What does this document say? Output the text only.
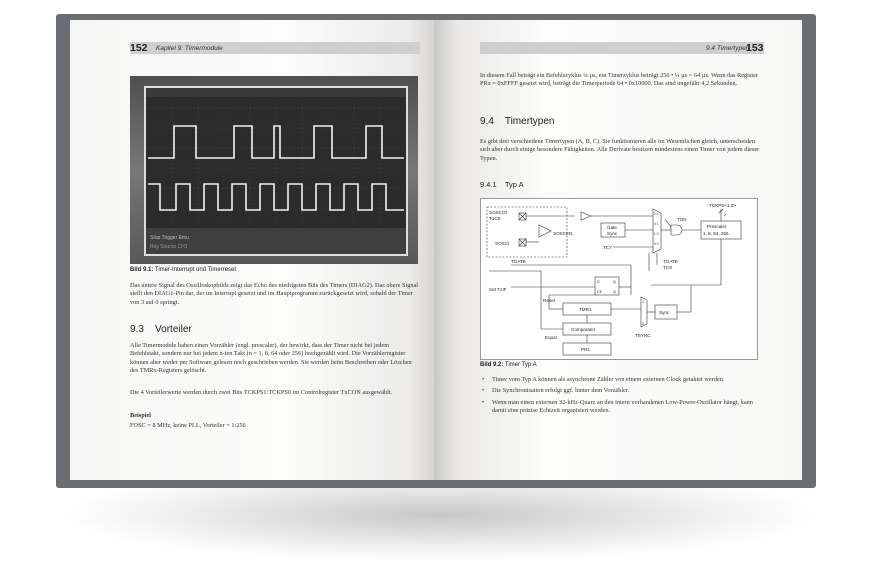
152 Kapitel 9: Timermodule
Stop Trigger Emu
Rdy Source CH1
Bild 9.1: Timer-Interrupt und Timerreset

Das untere Signal des Oszilloskopbilds zeigt das Echo des niedrigsten Bits des Timers (DIAG2). Das obere Signal stellt den DIAG1-Pin dar, der im Interrupt gesetzt und im Hauptprogramm zurückgesetzt wird, sobald der Timer von 3 auf 0 springt.

9.3 Vorteiler

Alle Timermodule haben einen Vorzähler (engl. prescaler), der bewirkt, dass der Timer nicht bei jedem Befehlstakt, sondern nur bei jedem n-ten Takt (n = 1, 8, 64 oder 256) hochgezählt wird. Die Vorzählerregister können aber weder per Software gelesen noch geschrieben werden. Sie werden beim Beschreiben oder Löschen des TMRx-Registers gelöscht.

Die 4 Vorteilerwerte werden durch zwei Bits TCKPS1:TCKPS0 im Controlregister TxCON ausgewählt.

Beispiel

FOSC = 8 MHz, keine PLL, Vorteiler = 1:256

9.4 Timertypen
153

In diesem Fall beträgt ein Befehlszyklus ¼ µs, ein Timerzyklus beträgt 256 • ¼ µs = 64 µs. Wenn das Register PRx = 0xFFFF gesetzt wird, beträgt die Timerperiode 64 • 0x10000. Das sind ungefähr 4,2 Sekunden.

9.4 Timertypen

Es gibt drei verschiedene Timertypen (A, B, C). Sie funktionieren alle im Wesentlichen gleich, unterscheiden sich aber durch einige besondere Fähigkeiten. Alle Derivate besitzen mindestens einen Timer von jedem dieser Typen.

9.4.1 Typ A
SOSCO/
T1CK
SOSCI
SOSCEN
Gate
Sync
TCY
1 x
0 1
1 0
0 0
TGATE
TCS
TON
TCKPS<1:0>
2
Prescaler
1, 8, 64, 256
TGATE
Set T1IF
D	Q
Q
CK
Reset
TMR1
Comparator
Equal
PR1
1
0
TSYNC
Sync
Bild 9.2: Timer Typ A
• Timer vom Typ A können als asynchrone Zähler von einem externen Clock getaktet werden.
• Die Synchronisation erfolgt ggf. hinter dem Vorzähler.
• Wenn man einen externen 32-kHz-Quarz an den intern vorhandenen Low-Power-Oszillator hängt, kann damit eine präzise Echtzeit organisiert werden.
